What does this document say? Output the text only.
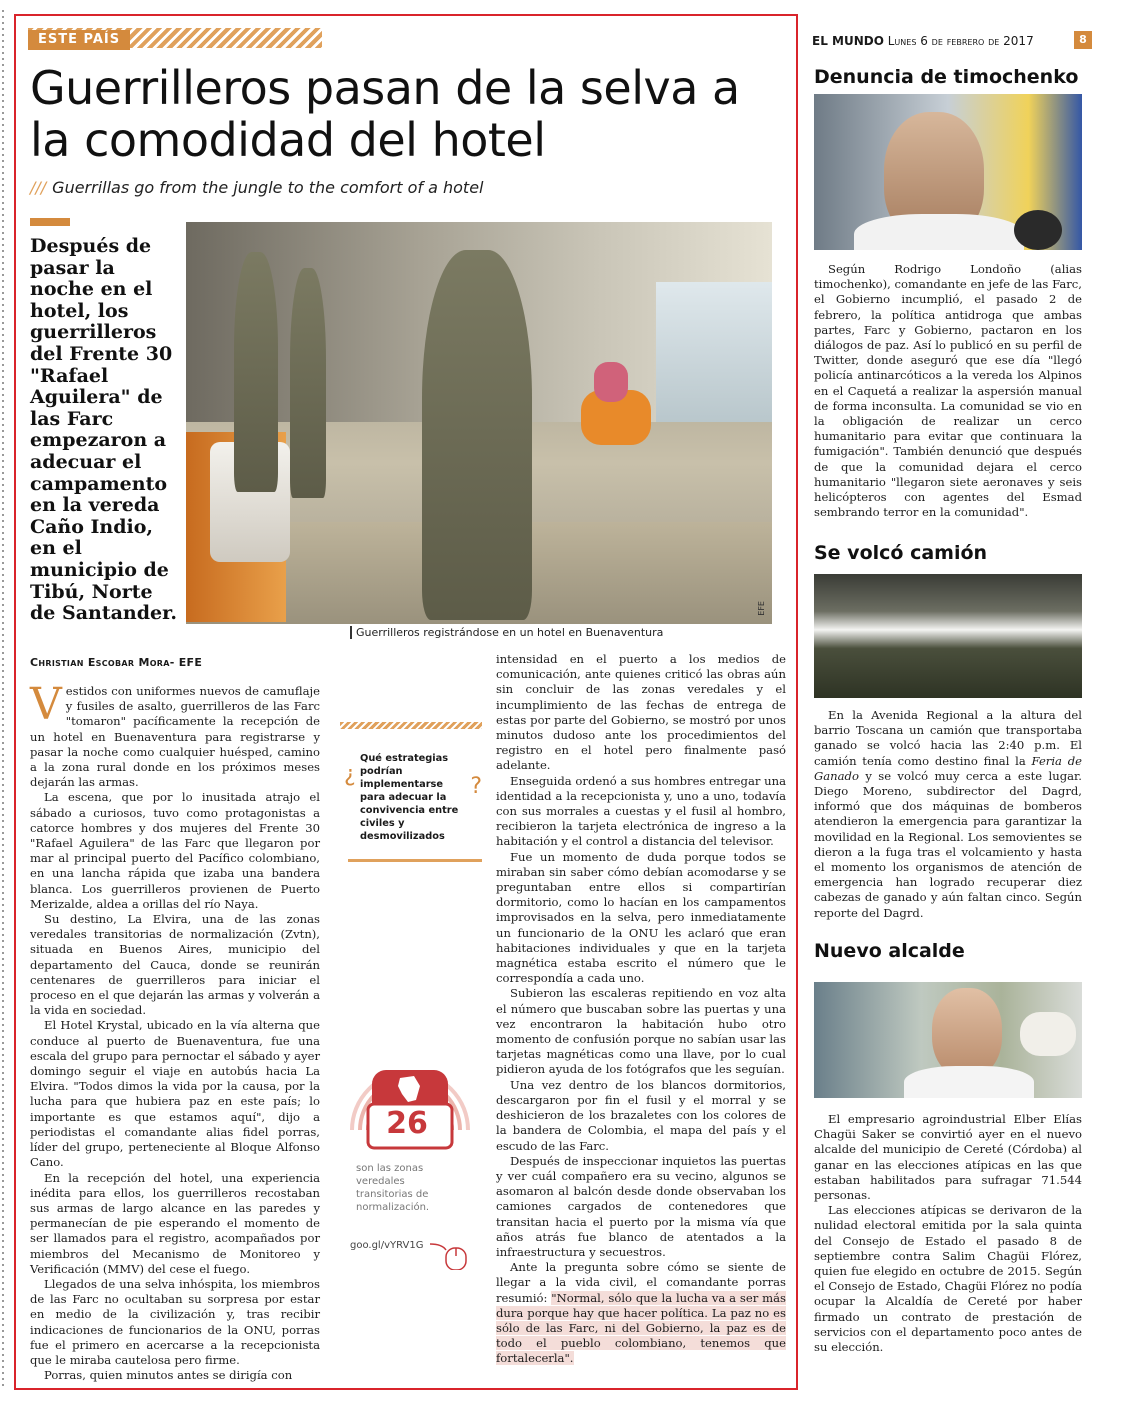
ESTE PAÍS
Guerrilleros pasan de la selva a la comodidad del hotel
/// Guerrillas go from the jungle to the comfort of a hotel
Después de pasar la noche en el hotel, los guerrilleros del Frente 30 "Rafael Aguilera" de las Farc empezaron a adecuar el campamento en la vereda Caño Indio, en el municipio de Tibú, Norte de Santander.	EFE
Guerrilleros registrándose en un hotel en Buenaventura
Christian Escobar Mora- EFE

Vestidos con uniformes nuevos de camuflaje y fusiles de asalto, guerrilleros de las Farc "tomaron" pacíficamente la recepción de un hotel en Buenaventura para registrarse y pasar la noche como cualquier huésped, camino a la zona rural donde en los próximos meses dejarán las armas.

La escena, que por lo inusitada atrajo el sábado a curiosos, tuvo como protagonistas a catorce hombres y dos mujeres del Frente 30 "Rafael Aguilera" de las Farc que llegaron por mar al principal puerto del Pacífico colombiano, en una lancha rápida que izaba una bandera blanca. Los guerrilleros provienen de Puerto Merizalde, aldea a orillas del río Naya.

Su destino, La Elvira, una de las zonas veredales transitorias de normalización (Zvtn), situada en Buenos Aires, municipio del departamento del Cauca, donde se reunirán centenares de guerrilleros para iniciar el proceso en el que dejarán las armas y volverán a la vida en sociedad.

El Hotel Krystal, ubicado en la vía alterna que conduce al puerto de Buenaventura, fue una escala del grupo para pernoctar el sábado y ayer domingo seguir el viaje en autobús hacia La Elvira. "Todos dimos la vida por la causa, por la lucha para que hubiera paz en este país; lo importante es que estamos aquí", dijo a periodistas el comandante alias fidel porras, líder del grupo, perteneciente al Bloque Alfonso Cano.

En la recepción del hotel, una experiencia inédita para ellos, los guerrilleros recostaban sus armas de largo alcance en las paredes y permanecían de pie esperando el momento de ser llamados para el registro, acompañados por miembros del Mecanismo de Monitoreo y Verificación (MMV) del cese el fuego.

Llegados de una selva inhóspita, los miembros de las Farc no ocultaban su sorpresa por estar en medio de la civilización y, tras recibir indicaciones de funcionarios de la ONU, porras fue el primero en acercarse a la recepcionista que le miraba cautelosa pero firme.

Porras, quien minutos antes se dirigía con

¿
Qué estrategias podrían implementarse para adecuar la convivencia entre civiles y desmovilizados
?
26
son las zonas veredales transitorias de normalización.
goo.gl/vYRV1G

intensidad en el puerto a los medios de comunicación, ante quienes criticó las obras aún sin concluir de las zonas veredales y el incumplimiento de las fechas de entrega de estas por parte del Gobierno, se mostró por unos minutos dudoso ante los procedimientos del registro en el hotel pero finalmente pasó adelante.

Enseguida ordenó a sus hombres entregar una identidad a la recepcionista y, uno a uno, todavía con sus morrales a cuestas y el fusil al hombro, recibieron la tarjeta electrónica de ingreso a la habitación y el control a distancia del televisor.

Fue un momento de duda porque todos se miraban sin saber cómo debían acomodarse y se preguntaban entre ellos si compartirían dormitorio, como lo hacían en los campamentos improvisados en la selva, pero inmediatamente un funcionario de la ONU les aclaró que eran habitaciones individuales y que en la tarjeta magnética estaba escrito el número que le correspondía a cada uno.

Subieron las escaleras repitiendo en voz alta el número que buscaban sobre las puertas y una vez encontraron la habitación hubo otro momento de confusión porque no sabían usar las tarjetas magnéticas como una llave, por lo cual pidieron ayuda de los fotógrafos que les seguían.

Una vez dentro de los blancos dormitorios, descargaron por fin el fusil y el morral y se deshicieron de los brazaletes con los colores de la bandera de Colombia, el mapa del país y el escudo de las Farc.

Después de inspeccionar inquietos las puertas y ver cuál compañero era su vecino, algunos se asomaron al balcón desde donde observaban los camiones cargados de contenedores que transitan hacia el puerto por la misma vía que años atrás fue blanco de atentados a la infraestructura y secuestros.

Ante la pregunta sobre cómo se siente de llegar a la vida civil, el comandante porras resumió: "Normal, sólo que la lucha va a ser más dura porque hay que hacer política. La paz no es sólo de las Farc, ni del Gobierno, la paz es de todo el pueblo colombiano, tenemos que fortalecerla".

EL MUNDO Lunes 6 de febrero de 2017	8
Denuncia de timochenko

Según Rodrigo Londoño (alias timochenko), comandante en jefe de las Farc, el Gobierno incumplió, el pasado 2 de febrero, la política antidroga que ambas partes, Farc y Gobierno, pactaron en los diálogos de paz. Así lo publicó en su perfil de Twitter, donde aseguró que ese día "llegó policía antinarcóticos a la vereda los Alpinos en el Caquetá a realizar la aspersión manual de forma inconsulta. La comunidad se vio en la obligación de realizar un cerco humanitario para evitar que continuara la fumigación". También denunció que después de que la comunidad dejara el cerco humanitario "llegaron siete aeronaves y seis helicópteros con agentes del Esmad sembrando terror en la comunidad".

Se volcó camión

En la Avenida Regional a la altura del barrio Toscana un camión que transportaba ganado se volcó hacia las 2:40 p.m. El camión tenía como destino final la Feria de Ganado y se volcó muy cerca a este lugar. Diego Moreno, subdirector del Dagrd, informó que dos máquinas de bomberos atendieron la emergencia para garantizar la movilidad en la Regional. Los semovientes se dieron a la fuga tras el volcamiento y hasta el momento los organismos de atención de emergencia han logrado recuperar diez cabezas de ganado y aún faltan cinco. Según reporte del Dagrd.

Nuevo alcalde

El empresario agroindustrial Elber Elías Chagüi Saker se convirtió ayer en el nuevo alcalde del municipio de Cereté (Córdoba) al ganar en las elecciones atípicas en las que estaban habilitados para sufragar 71.544 personas.

Las elecciones atípicas se derivaron de la nulidad electoral emitida por la sala quinta del Consejo de Estado el pasado 8 de septiembre contra Salim Chagüi Flórez, quien fue elegido en octubre de 2015. Según el Consejo de Estado, Chagüi Flórez no podía ocupar la Alcaldía de Cereté por haber firmado un contrato de prestación de servicios con el departamento poco antes de su elección.
